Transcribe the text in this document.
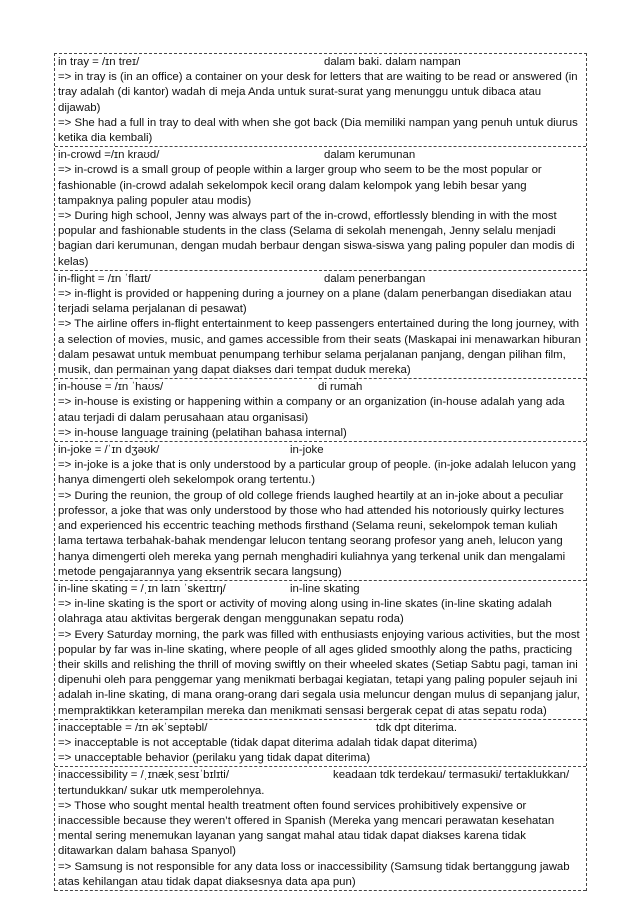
in tray = /ɪn treɪ/	dalam baki. dalam nampan

=> in tray is (in an office) a container on your desk for letters that are waiting to be read or answered (in tray adalah (di kantor) wadah di meja Anda untuk surat-surat yang menunggu untuk dibaca atau dijawab)

=> She had a full in tray to deal with when she got back (Dia memiliki nampan yang penuh untuk diurus ketika dia kembali)

in-crowd =/ɪn kraʊd/	dalam kerumunan

=> in-crowd is a small group of people within a larger group who seem to be the most popular or fashionable (in-crowd adalah sekelompok kecil orang dalam kelompok yang lebih besar yang tampaknya paling populer atau modis)

=> During high school, Jenny was always part of the in-crowd, effortlessly blending in with the most popular and fashionable students in the class (Selama di sekolah menengah, Jenny selalu menjadi bagian dari kerumunan, dengan mudah berbaur dengan siswa-siswa yang paling populer dan modis di kelas)

in-flight = /ɪn ˈflaɪt/	dalam penerbangan

=> in-flight is provided or happening during a journey on a plane (dalam penerbangan disediakan atau terjadi selama perjalanan di pesawat)

=> The airline offers in-flight entertainment to keep passengers entertained during the long journey, with a selection of movies, music, and games accessible from their seats (Maskapai ini menawarkan hiburan dalam pesawat untuk membuat penumpang terhibur selama perjalanan panjang, dengan pilihan film, musik, dan permainan yang dapat diakses dari tempat duduk mereka)

in-house = /ɪn ˈhaʊs/	di rumah

=> in-house is existing or happening within a company or an organization (in-house adalah yang ada atau terjadi di dalam perusahaan atau organisasi)

=> in-house language training (pelatihan bahasa internal)

in-joke = /ˈɪn dʒəʊk/	in-joke

=> in-joke is a joke that is only understood by a particular group of people. (in-joke adalah lelucon yang hanya dimengerti oleh sekelompok orang tertentu.)

=> During the reunion, the group of old college friends laughed heartily at an in-joke about a peculiar professor, a joke that was only understood by those who had attended his notoriously quirky lectures and experienced his eccentric teaching methods firsthand (Selama reuni, sekelompok teman kuliah lama tertawa terbahak-bahak mendengar lelucon tentang seorang profesor yang aneh, lelucon yang hanya dimengerti oleh mereka yang pernah menghadiri kuliahnya yang terkenal unik dan mengalami metode pengajarannya yang eksentrik secara langsung)

in-line skating = /ˌɪn laɪn ˈskeɪtɪŋ/	in-line skating

=> in-line skating is the sport or activity of moving along using in-line skates (in-line skating adalah olahraga atau aktivitas bergerak dengan menggunakan sepatu roda)

=> Every Saturday morning, the park was filled with enthusiasts enjoying various activities, but the most popular by far was in-line skating, where people of all ages glided smoothly along the paths, practicing their skills and relishing the thrill of moving swiftly on their wheeled skates (Setiap Sabtu pagi, taman ini dipenuhi oleh para penggemar yang menikmati berbagai kegiatan, tetapi yang paling populer sejauh ini adalah in-line skating, di mana orang-orang dari segala usia meluncur dengan mulus di sepanjang jalur, mempraktikkan keterampilan mereka dan menikmati sensasi bergerak cepat di atas sepatu roda)

inacceptable = /ɪn əkˈseptəbl/	tdk dpt diterima.

=> inacceptable is not acceptable (tidak dapat diterima adalah tidak dapat diterima)

=> unacceptable behavior (perilaku yang tidak dapat diterima)

inaccessibility = /ˌɪnækˌsesɪˈbɪlɪti/	keadaan tdk terdekau/ termasuki/ tertaklukkan/

tertundukkan/ sukar utk memperolehnya.

=> Those who sought mental health treatment often found services prohibitively expensive or inaccessible because they weren’t offered in Spanish (Mereka yang mencari perawatan kesehatan mental sering menemukan layanan yang sangat mahal atau tidak dapat diakses karena tidak ditawarkan dalam bahasa Spanyol)

=> Samsung is not responsible for any data loss or inaccessibility (Samsung tidak bertanggung jawab atas kehilangan atau tidak dapat diaksesnya data apa pun)
